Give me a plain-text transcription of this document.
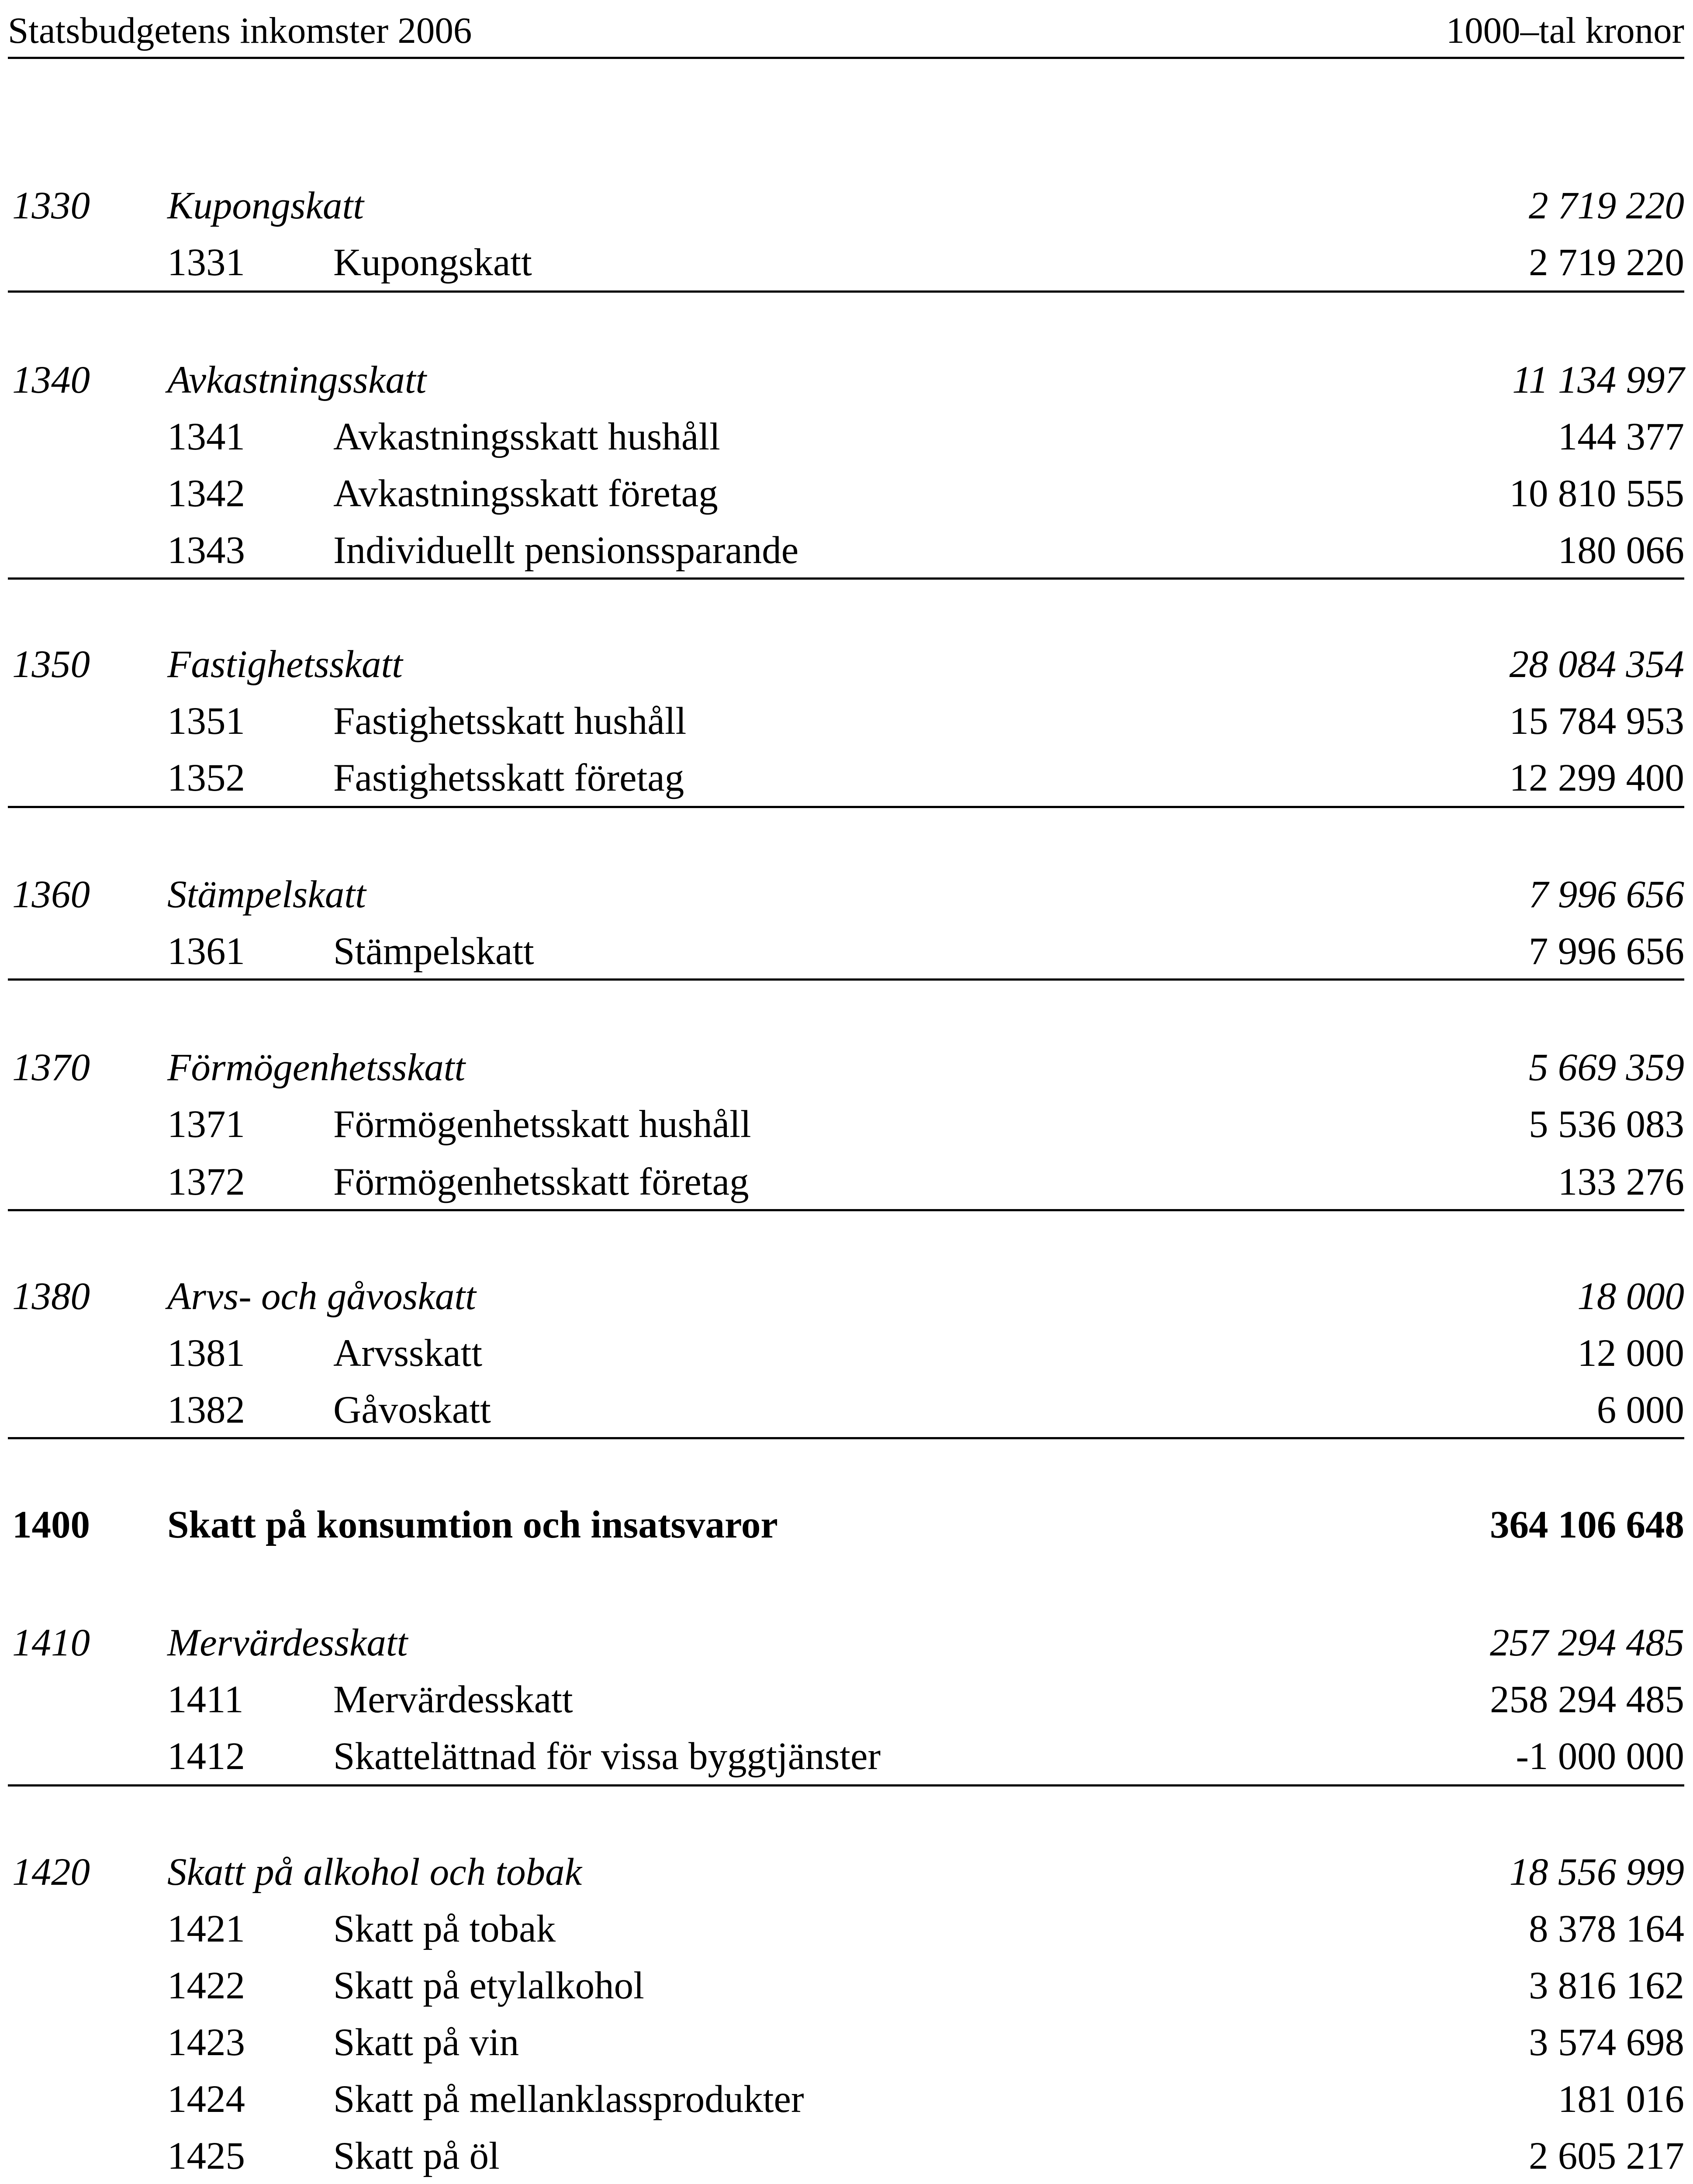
Statsbudgetens inkomster 2006	1000–tal kronor
1330 Kupongskatt	2 719 220
1331 Kupongskatt	2 719 220
1340 Avkastningsskatt	11 134 997
1341 Avkastningsskatt hushåll	144 377
1342 Avkastningsskatt företag	10 810 555
1343 Individuellt pensionssparande	180 066
1350 Fastighetsskatt	28 084 354
1351 Fastighetsskatt hushåll	15 784 953
1352 Fastighetsskatt företag	12 299 400
1360 Stämpelskatt	7 996 656
1361 Stämpelskatt	7 996 656
1370 Förmögenhetsskatt	5 669 359
1371 Förmögenhetsskatt hushåll	5 536 083
1372 Förmögenhetsskatt företag	133 276
1380 Arvs- och gåvoskatt	18 000
1381 Arvsskatt	12 000
1382 Gåvoskatt	6 000
1400 Skatt på konsumtion och insatsvaror	364 106 648
1410 Mervärdesskatt	257 294 485
1411 Mervärdesskatt	258 294 485
1412 Skattelättnad för vissa byggtjänster	-1 000 000
1420 Skatt på alkohol och tobak	18 556 999
1421 Skatt på tobak	8 378 164
1422 Skatt på etylalkohol	3 816 162
1423 Skatt på vin	3 574 698
1424 Skatt på mellanklassprodukter	181 016
1425 Skatt på öl	2 605 217
